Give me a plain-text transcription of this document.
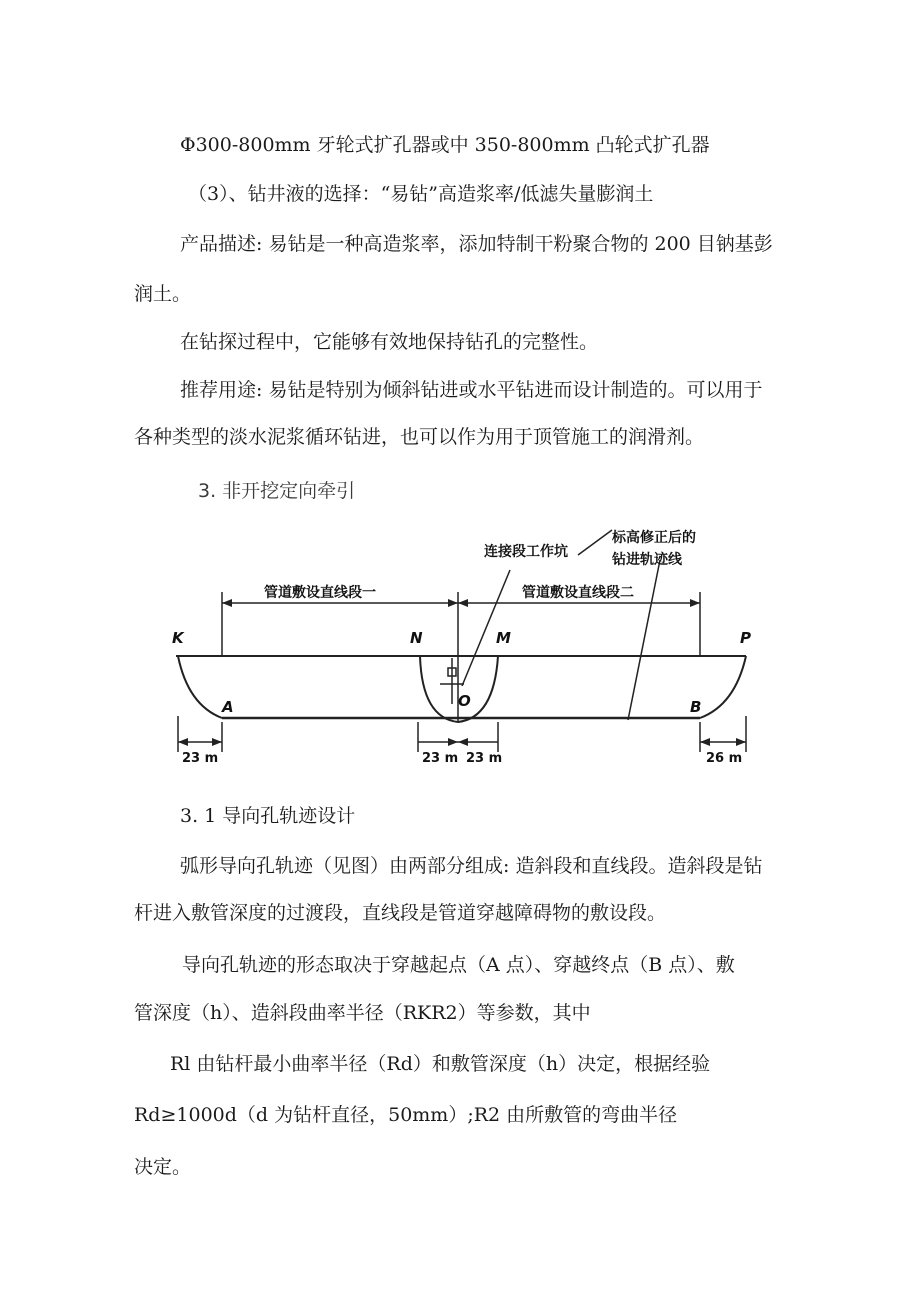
Φ300-800mm 牙轮式扩孔器或中 350-800mm 凸轮式扩孔器
（3）、钻井液的选择：“易钻”高造浆率/低滤失量膨润土
产品描述: 易钻是一种高造浆率，添加特制干粉聚合物的 200 目钠基彭
润土。
在钻探过程中，它能够有效地保持钻孔的完整性。
推荐用途: 易钻是特别为倾斜钻进或水平钻进而设计制造的。可以用于
各种类型的淡水泥浆循环钻进，也可以作为用于顶管施工的润滑剂。
3. 非开挖定向牵引
标高修正后的
钻进轨迹线
连接段工作坑
管道敷设直线段一	管道敷设直线段二
K	N	M	P
A	O	B
23 m	23 m 23 m	26 m
3. 1 导向孔轨迹设计
弧形导向孔轨迹（见图）由两部分组成: 造斜段和直线段。造斜段是钻
杆进入敷管深度的过渡段，直线段是管道穿越障碍物的敷设段。
导向孔轨迹的形态取决于穿越起点（A 点）、穿越终点（B 点）、敷
管深度（h）、造斜段曲率半径（RKR2）等参数，其中
Rl 由钻杆最小曲率半径（Rd）和敷管深度（h）决定，根据经验
Rd≥1000d（d 为钻杆直径，50mm）;R2 由所敷管的弯曲半径
决定。
